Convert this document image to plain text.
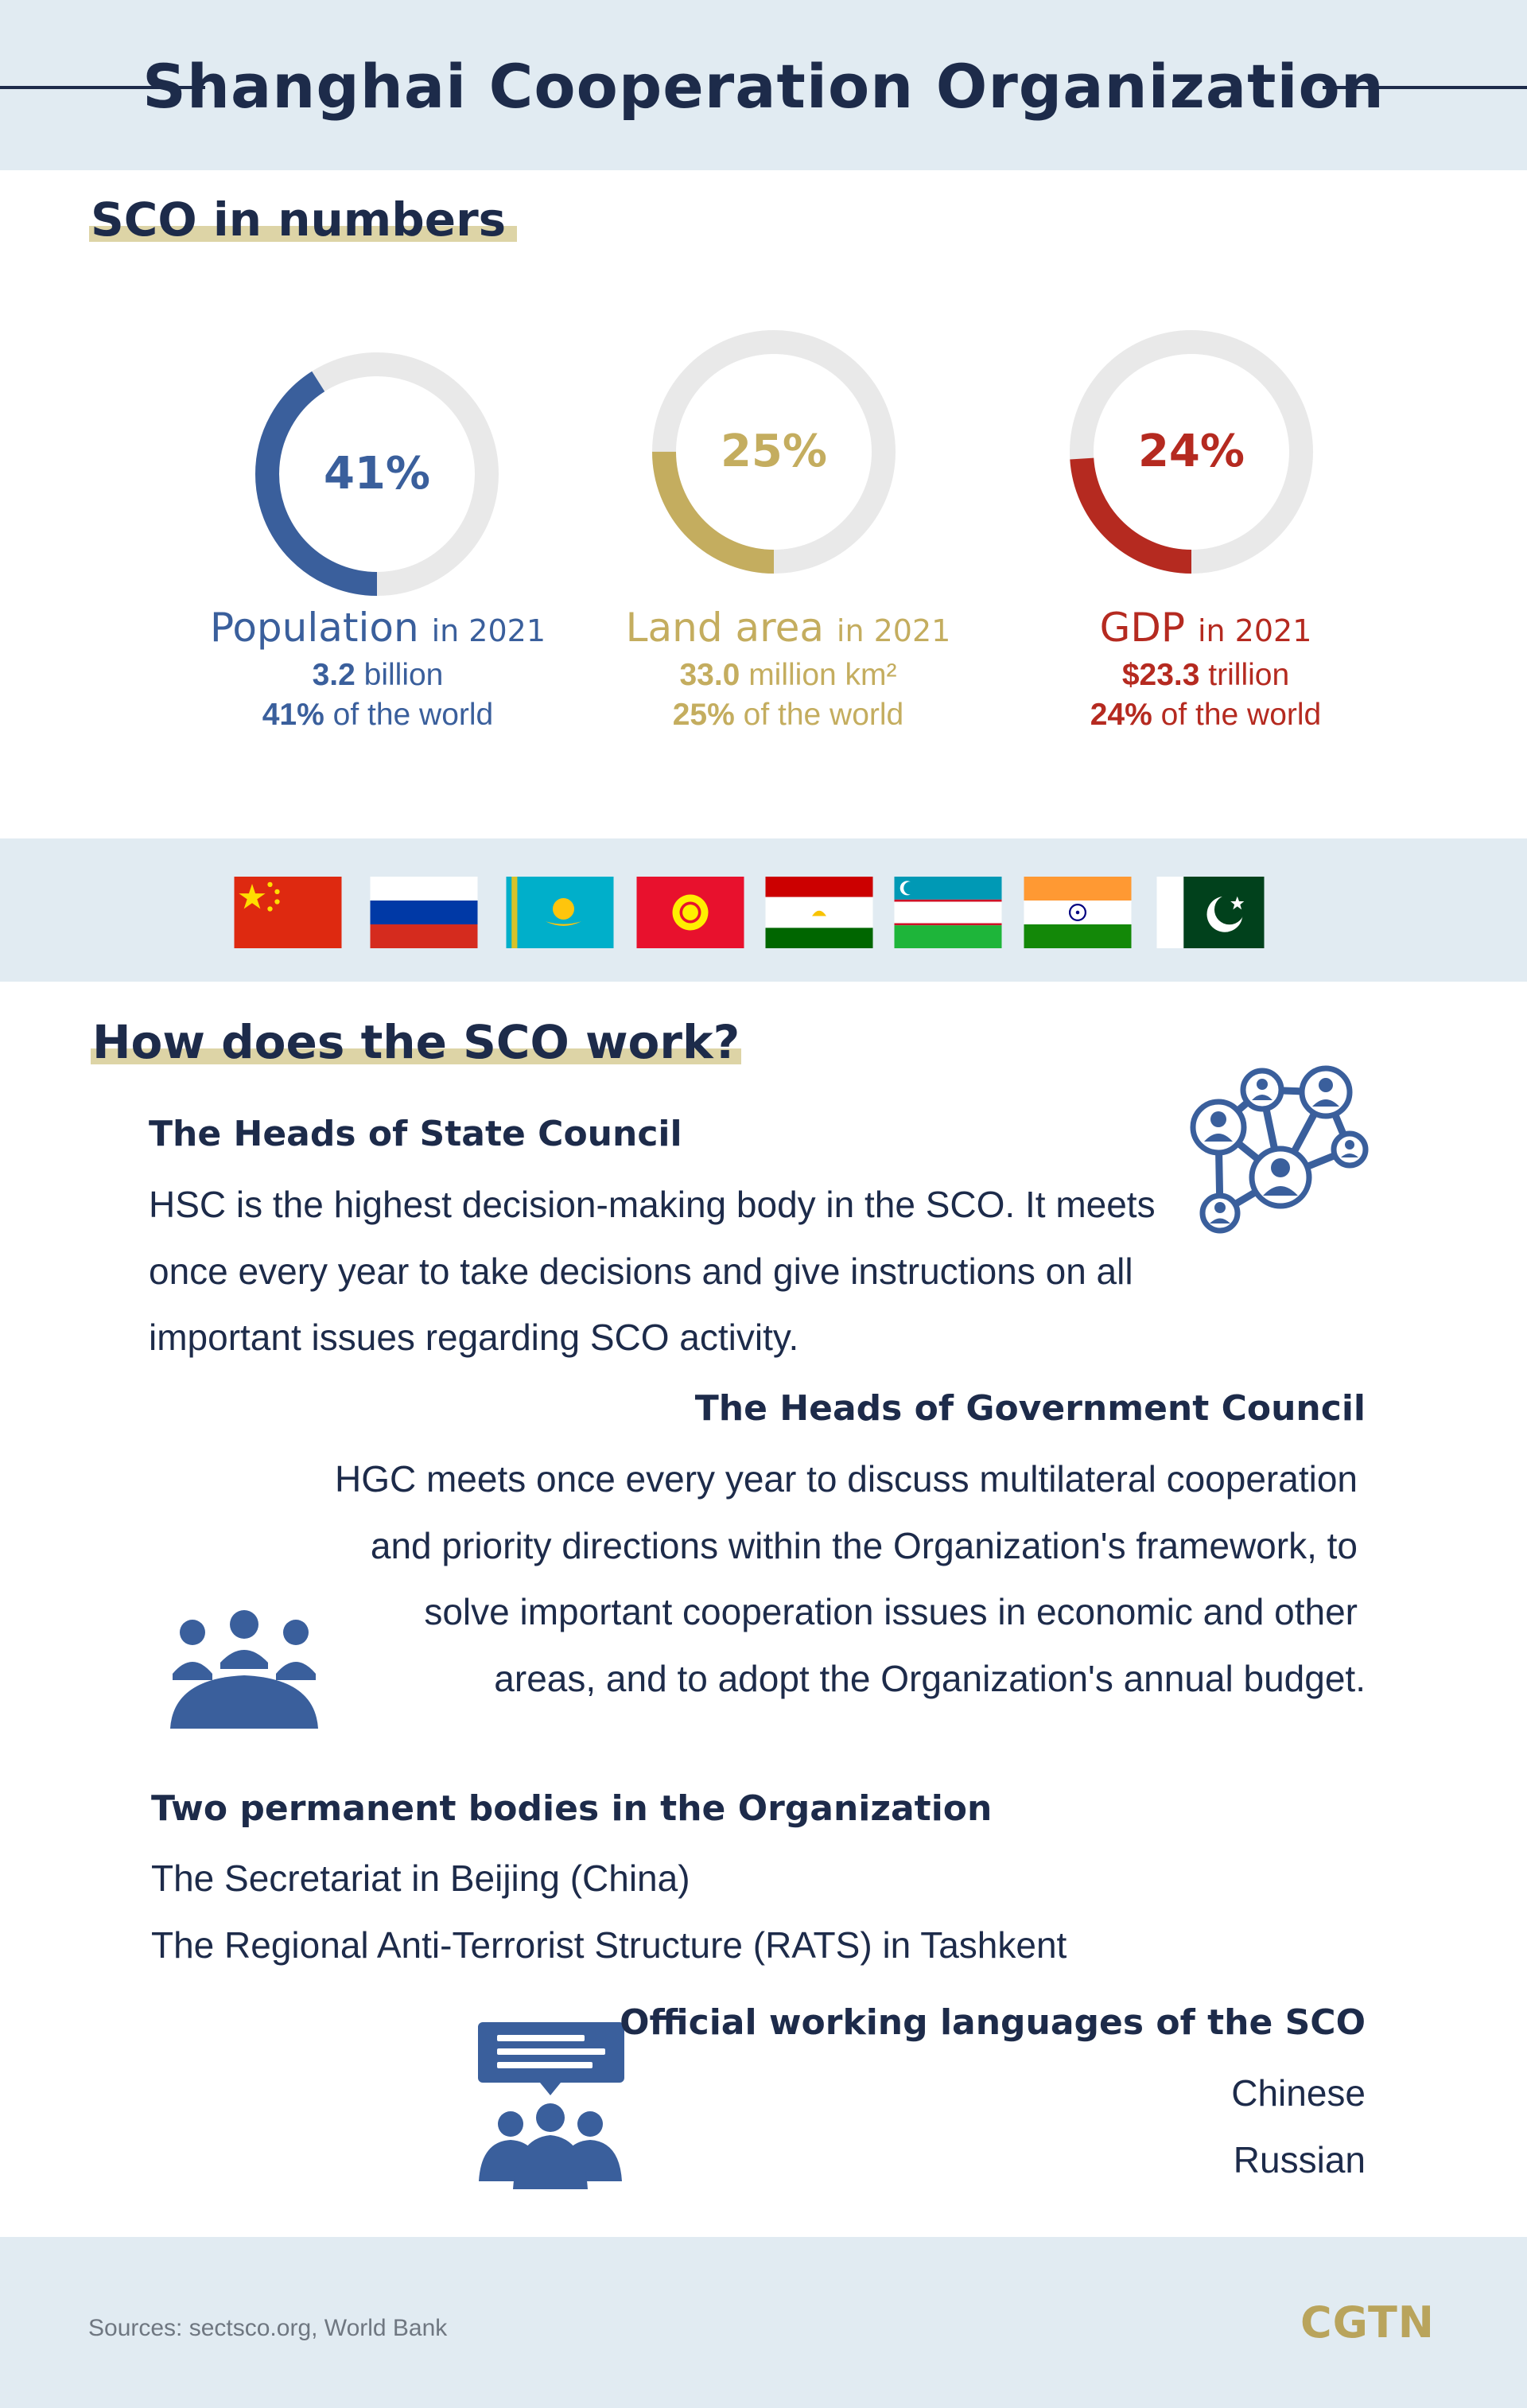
Shanghai Cooperation Organization
SCO in numbers
41%	25%	24%
Population in 2021
3.2 billion
41% of the world
Land area in 2021
33.0 million km²
25% of the world
GDP in 2021
$23.3 trillion
24% of the world
How does the SCO work?
The Heads of State Council
HSC is the highest decision-making body in the SCO. It meets
once every year to take decisions and give instructions on all
important issues regarding SCO activity.
The Heads of Government Council
HGC meets once every year to discuss multilateral cooperation
and priority directions within the Organization's framework, to
solve important cooperation issues in economic and other
areas, and to adopt the Organization's annual budget.
Two permanent bodies in the Organization
The Secretariat in Beijing (China)
The Regional Anti-Terrorist Structure (RATS) in Tashkent
Official working languages of the SCO
Chinese
Russian
Sources: sectsco.org, World Bank	CGTN
